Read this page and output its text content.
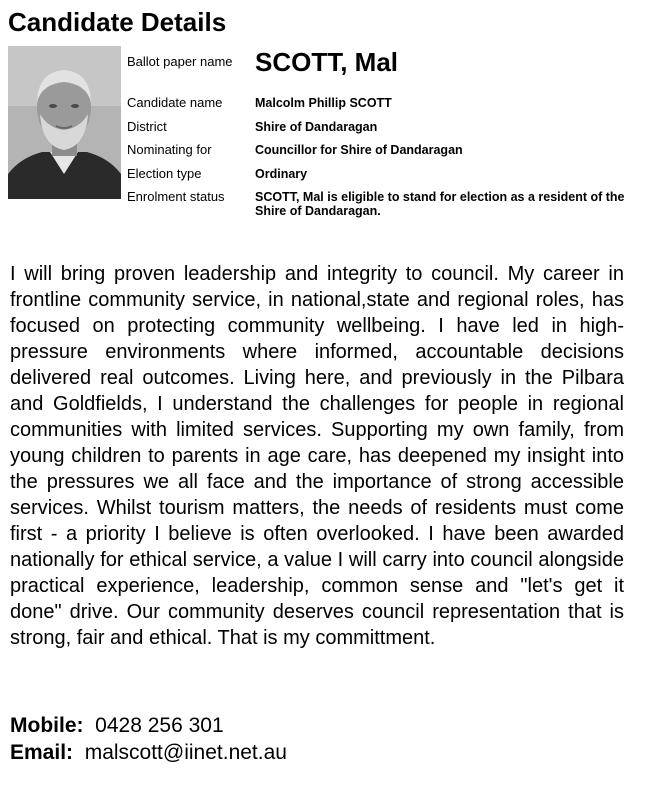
Candidate Details
Ballot paper name SCOTT, Mal
Candidate name	Malcolm Phillip SCOTT
District	Shire of Dandaragan
Nominating for	Councillor for Shire of Dandaragan
Election type	Ordinary
Enrolment status	SCOTT, Mal is eligible to stand for election as a resident of the Shire of Dandaragan.

I will bring proven leadership and integrity to council. My career in frontline community service, in national,state and regional roles, has focused on protecting community wellbeing. I have led in high-pressure environments where informed, accountable decisions delivered real outcomes. Living here, and previously in the Pilbara and Goldfields, I understand the challenges for people in regional communities with limited services. Supporting my own family, from young children to parents in age care, has deepened my insight into the pressures we all face and the importance of strong accessible services. Whilst tourism matters, the needs of residents must come first - a priority I believe is often overlooked. I have been awarded nationally for ethical service, a value I will carry into council alongside practical experience, leadership, common sense and "let's get it done" drive. Our community deserves council representation that is strong, fair and ethical. That is my committment.

Mobile: 0428 256 301
Email: malscott@iinet.net.au
